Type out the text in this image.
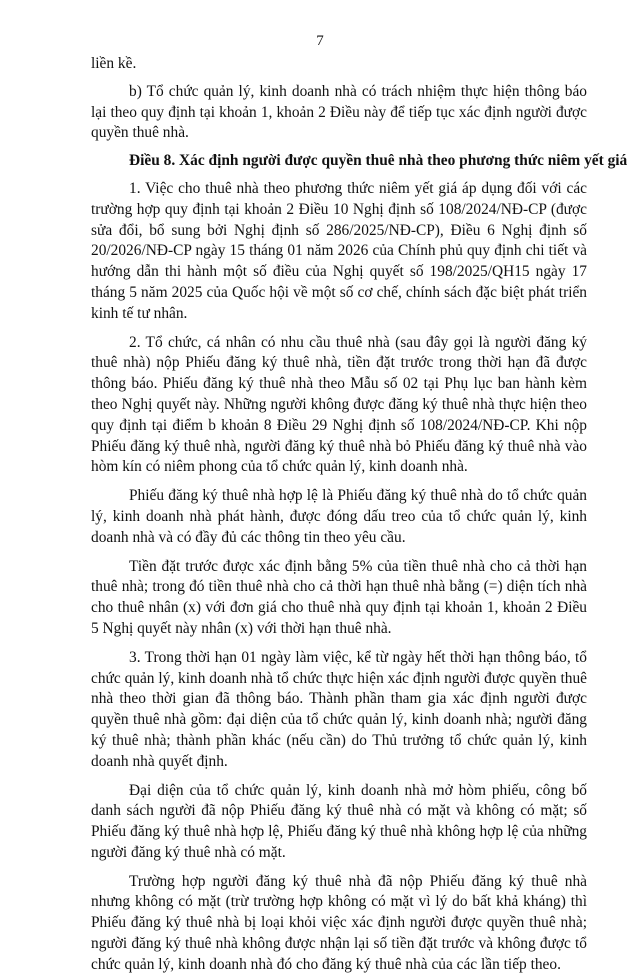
7

liền kề.

b) Tổ chức quản lý, kinh doanh nhà có trách nhiệm thực hiện thông báo lại theo quy định tại khoản 1, khoản 2 Điều này để tiếp tục xác định người được quyền thuê nhà.

Điều 8. Xác định người được quyền thuê nhà theo phương thức niêm yết giá

1. Việc cho thuê nhà theo phương thức niêm yết giá áp dụng đối với các trường hợp quy định tại khoản 2 Điều 10 Nghị định số 108/2024/NĐ-CP (được sửa đổi, bổ sung bởi Nghị định số 286/2025/NĐ-CP), Điều 6 Nghị định số 20/2026/NĐ-CP ngày 15 tháng 01 năm 2026 của Chính phủ quy định chi tiết và hướng dẫn thi hành một số điều của Nghị quyết số 198/2025/QH15 ngày 17 tháng 5 năm 2025 của Quốc hội về một số cơ chế, chính sách đặc biệt phát triển kinh tế tư nhân.

2. Tổ chức, cá nhân có nhu cầu thuê nhà (sau đây gọi là người đăng ký thuê nhà) nộp Phiếu đăng ký thuê nhà, tiền đặt trước trong thời hạn đã được thông báo. Phiếu đăng ký thuê nhà theo Mẫu số 02 tại Phụ lục ban hành kèm theo Nghị quyết này. Những người không được đăng ký thuê nhà thực hiện theo quy định tại điểm b khoản 8 Điều 29 Nghị định số 108/2024/NĐ-CP. Khi nộp Phiếu đăng ký thuê nhà, người đăng ký thuê nhà bỏ Phiếu đăng ký thuê nhà vào hòm kín có niêm phong của tổ chức quản lý, kinh doanh nhà.

Phiếu đăng ký thuê nhà hợp lệ là Phiếu đăng ký thuê nhà do tổ chức quản lý, kinh doanh nhà phát hành, được đóng dấu treo của tổ chức quản lý, kinh doanh nhà và có đầy đủ các thông tin theo yêu cầu.

Tiền đặt trước được xác định bằng 5% của tiền thuê nhà cho cả thời hạn thuê nhà; trong đó tiền thuê nhà cho cả thời hạn thuê nhà bằng (=) diện tích nhà cho thuê nhân (x) với đơn giá cho thuê nhà quy định tại khoản 1, khoản 2 Điều 5 Nghị quyết này nhân (x) với thời hạn thuê nhà.

3. Trong thời hạn 01 ngày làm việc, kể từ ngày hết thời hạn thông báo, tổ chức quản lý, kinh doanh nhà tổ chức thực hiện xác định người được quyền thuê nhà theo thời gian đã thông báo. Thành phần tham gia xác định người được quyền thuê nhà gồm: đại diện của tổ chức quản lý, kinh doanh nhà; người đăng ký thuê nhà; thành phần khác (nếu cần) do Thủ trưởng tổ chức quản lý, kinh doanh nhà quyết định.

Đại diện của tổ chức quản lý, kinh doanh nhà mở hòm phiếu, công bố danh sách người đã nộp Phiếu đăng ký thuê nhà có mặt và không có mặt; số Phiếu đăng ký thuê nhà hợp lệ, Phiếu đăng ký thuê nhà không hợp lệ của những người đăng ký thuê nhà có mặt.

Trường hợp người đăng ký thuê nhà đã nộp Phiếu đăng ký thuê nhà nhưng không có mặt (trừ trường hợp không có mặt vì lý do bất khả kháng) thì Phiếu đăng ký thuê nhà bị loại khỏi việc xác định người được quyền thuê nhà; người đăng ký thuê nhà không được nhận lại số tiền đặt trước và không được tổ chức quản lý, kinh doanh nhà đó cho đăng ký thuê nhà của các lần tiếp theo.
